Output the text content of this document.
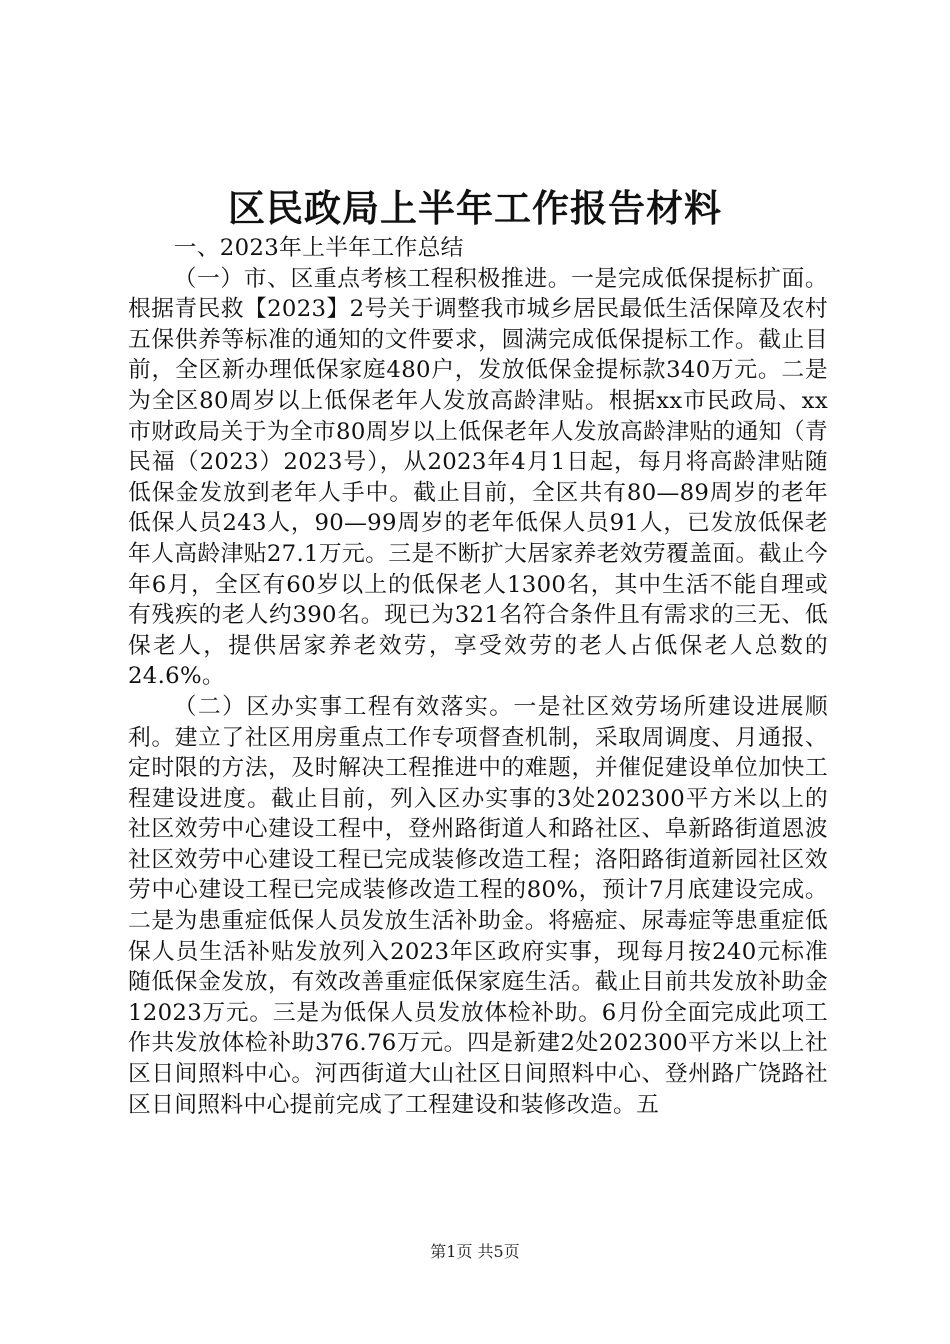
区民政局上半年工作报告材料

一、2023年上半年工作总结

（一）市、区重点考核工程积极推进。一是完成低保提标扩面。根据青民救【2023】2号关于调整我市城乡居民最低生活保障及农村五保供养等标准的通知的文件要求，圆满完成低保提标工作。截止目前，全区新办理低保家庭480户，发放低保金提标款340万元。二是为全区80周岁以上低保老年人发放高龄津贴。根据xx市民政局、xx市财政局关于为全市80周岁以上低保老年人发放高龄津贴的通知（青民福（2023）2023号），从2023年4月1日起，每月将高龄津贴随低保金发放到老年人手中。截止目前，全区共有80—89周岁的老年低保人员243人，90—99周岁的老年低保人员91人，已发放低保老年人高龄津贴27.1万元。三是不断扩大居家养老效劳覆盖面。截止今年6月，全区有60岁以上的低保老人1300名，其中生活不能自理或有残疾的老人约390名。现已为321名符合条件且有需求的三无、低保老人，提供居家养老效劳，享受效劳的老人占低保老人总数的24.6%。

（二）区办实事工程有效落实。一是社区效劳场所建设进展顺利。建立了社区用房重点工作专项督查机制，采取周调度、月通报、定时限的方法，及时解决工程推进中的难题，并催促建设单位加快工程建设进度。截止目前，列入区办实事的3处202300平方米以上的社区效劳中心建设工程中，登州路街道人和路社区、阜新路街道恩波社区效劳中心建设工程已完成装修改造工程；洛阳路街道新园社区效劳中心建设工程已完成装修改造工程的80%，预计7月底建设完成。二是为患重症低保人员发放生活补助金。将癌症、尿毒症等患重症低保人员生活补贴发放列入2023年区政府实事，现每月按240元标准随低保金发放，有效改善重症低保家庭生活。截止目前共发放补助金12023万元。三是为低保人员发放体检补助。6月份全面完成此项工作共发放体检补助376.76万元。四是新建2处202300平方米以上社区日间照料中心。河西街道大山社区日间照料中心、登州路广饶路社区日间照料中心提前完成了工程建设和装修改造。五

第1页 共5页
